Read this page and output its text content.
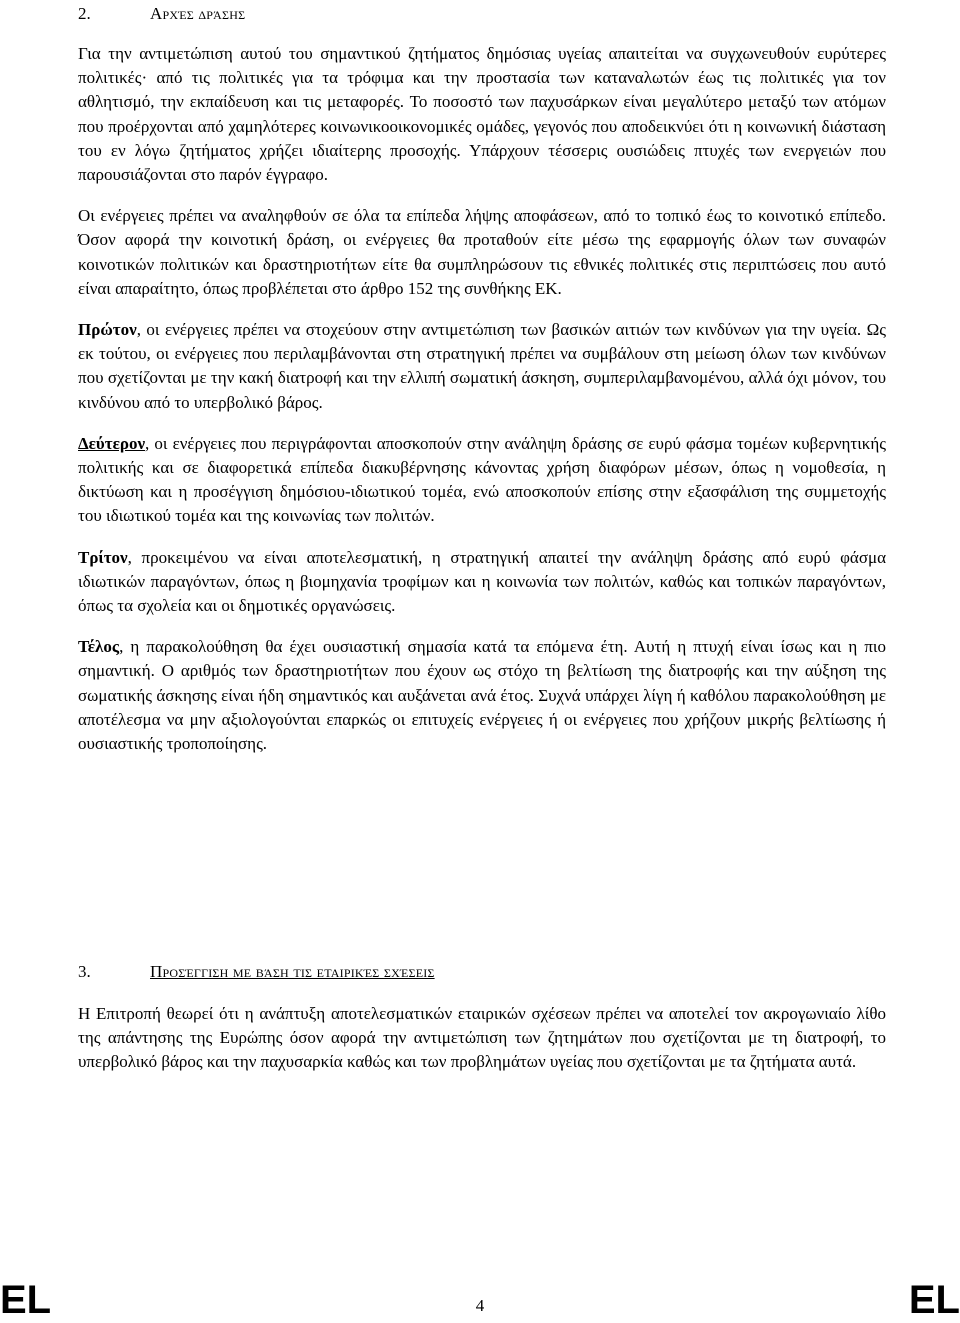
2.	Αρχές δράσης

Για την αντιμετώπιση αυτού του σημαντικού ζητήματος δημόσιας υγείας απαιτείται να συγχωνευθούν ευρύτερες πολιτικές· από τις πολιτικές για τα τρόφιμα και την προστασία των καταναλωτών έως τις πολιτικές για τον αθλητισμό, την εκπαίδευση και τις μεταφορές. Το ποσοστό των παχυσάρκων είναι μεγαλύτερο μεταξύ των ατόμων που προέρχονται από χαμηλότερες κοινωνικοοικονομικές ομάδες, γεγονός που αποδεικνύει ότι η κοινωνική διάσταση του εν λόγω ζητήματος χρήζει ιδιαίτερης προσοχής. Υπάρχουν τέσσερις ουσιώδεις πτυχές των ενεργειών που παρουσιάζονται στο παρόν έγγραφο.

Οι ενέργειες πρέπει να αναληφθούν σε όλα τα επίπεδα λήψης αποφάσεων, από το τοπικό έως το κοινοτικό επίπεδο. Όσον αφορά την κοινοτική δράση, οι ενέργειες θα προταθούν είτε μέσω της εφαρμογής όλων των συναφών κοινοτικών πολιτικών και δραστηριοτήτων είτε θα συμπληρώσουν τις εθνικές πολιτικές στις περιπτώσεις που αυτό είναι απαραίτητο, όπως προβλέπεται στο άρθρο 152 της συνθήκης ΕΚ.

Πρώτον, οι ενέργειες πρέπει να στοχεύουν στην αντιμετώπιση των βασικών αιτιών των κινδύνων για την υγεία. Ως εκ τούτου, οι ενέργειες που περιλαμβάνονται στη στρατηγική πρέπει να συμβάλουν στη μείωση όλων των κινδύνων που σχετίζονται με την κακή διατροφή και την ελλιπή σωματική άσκηση, συμπεριλαμβανομένου, αλλά όχι μόνον, του κινδύνου από το υπερβολικό βάρος.

Δεύτερον, οι ενέργειες που περιγράφονται αποσκοπούν στην ανάληψη δράσης σε ευρύ φάσμα τομέων κυβερνητικής πολιτικής και σε διαφορετικά επίπεδα διακυβέρνησης κάνοντας χρήση διαφόρων μέσων, όπως η νομοθεσία, η δικτύωση και η προσέγγιση δημόσιου-ιδιωτικού τομέα, ενώ αποσκοπούν επίσης στην εξασφάλιση της συμμετοχής του ιδιωτικού τομέα και της κοινωνίας των πολιτών.

Τρίτον, προκειμένου να είναι αποτελεσματική, η στρατηγική απαιτεί την ανάληψη δράσης από ευρύ φάσμα ιδιωτικών παραγόντων, όπως η βιομηχανία τροφίμων και η κοινωνία των πολιτών, καθώς και τοπικών παραγόντων, όπως τα σχολεία και οι δημοτικές οργανώσεις.

Τέλος, η παρακολούθηση θα έχει ουσιαστική σημασία κατά τα επόμενα έτη. Αυτή η πτυχή είναι ίσως και η πιο σημαντική. Ο αριθμός των δραστηριοτήτων που έχουν ως στόχο τη βελτίωση της διατροφής και την αύξηση της σωματικής άσκησης είναι ήδη σημαντικός και αυξάνεται ανά έτος. Συχνά υπάρχει λίγη ή καθόλου παρακολούθηση με αποτέλεσμα να μην αξιολογούνται επαρκώς οι επιτυχείς ενέργειες ή οι ενέργειες που χρήζουν μικρής βελτίωσης ή ουσιαστικής τροποποίησης.

3.	Προσέγγιση με βάση τις εταιρικές σχέσεις

Η Επιτροπή θεωρεί ότι η ανάπτυξη αποτελεσματικών εταιρικών σχέσεων πρέπει να αποτελεί τον ακρογωνιαίο λίθο της απάντησης της Ευρώπης όσον αφορά την αντιμετώπιση των ζητημάτων που σχετίζονται με τη διατροφή, το υπερβολικό βάρος και την παχυσαρκία καθώς και των προβλημάτων υγείας που σχετίζονται με τα ζητήματα αυτά.

EL	4	EL
